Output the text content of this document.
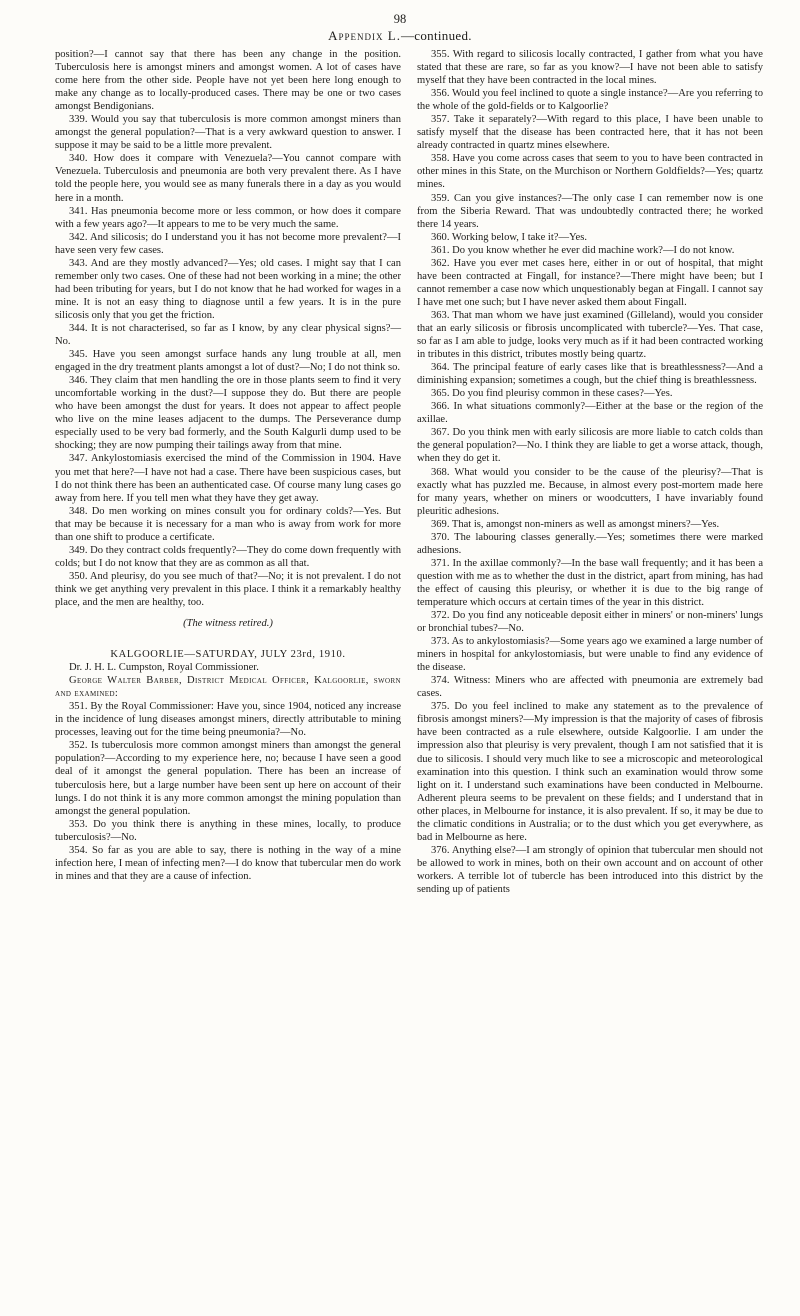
98
Appendix L.—continued.

position?—I cannot say that there has been any change in the position. Tuberculosis here is amongst miners and amongst women. A lot of cases have come here from the other side. People have not yet been here long enough to make any change as to locally-produced cases. There may be one or two cases amongst Bendigonians.

339. Would you say that tuberculosis is more common amongst miners than amongst the general population?—That is a very awkward question to answer. I suppose it may be said to be a little more prevalent.

340. How does it compare with Venezuela?—You cannot compare with Venezuela. Tuberculosis and pneumonia are both very prevalent there. As I have told the people here, you would see as many funerals there in a day as you would here in a month.

341. Has pneumonia become more or less common, or how does it compare with a few years ago?—It appears to me to be very much the same.

342. And silicosis; do I understand you it has not become more prevalent?—I have seen very few cases.

343. And are they mostly advanced?—Yes; old cases. I might say that I can remember only two cases. One of these had not been working in a mine; the other had been tributing for years, but I do not know that he had worked for wages in a mine. It is not an easy thing to diagnose until a few years. It is in the pure silicosis only that you get the friction.

344. It is not characterised, so far as I know, by any clear physical signs?—No.

345. Have you seen amongst surface hands any lung trouble at all, men engaged in the dry treatment plants amongst a lot of dust?—No; I do not think so.

346. They claim that men handling the ore in those plants seem to find it very uncomfortable working in the dust?—I suppose they do. But there are people who have been amongst the dust for years. It does not appear to affect people who live on the mine leases adjacent to the dumps. The Perseverance dump especially used to be very bad formerly, and the South Kalgurli dump used to be shocking; they are now pumping their tailings away from that mine.

347. Ankylostomiasis exercised the mind of the Commission in 1904. Have you met that here?—I have not had a case. There have been suspicious cases, but I do not think there has been an authenticated case. Of course many lung cases go away from here. If you tell men what they have they get away.

348. Do men working on mines consult you for ordinary colds?—Yes. But that may be because it is necessary for a man who is away from work for more than one shift to produce a certificate.

349. Do they contract colds frequently?—They do come down frequently with colds; but I do not know that they are as common as all that.

350. And pleurisy, do you see much of that?—No; it is not prevalent. I do not think we get anything very prevalent in this place. I think it a remarkably healthy place, and the men are healthy, too.

(The witness retired.)

KALGOORLIE—SATURDAY, JULY 23rd, 1910.

Dr. J. H. L. Cumpston, Royal Commissioner.

George Walter Barber, District Medical Officer, Kalgoorlie, sworn and examined:

351. By the Royal Commissioner: Have you, since 1904, noticed any increase in the incidence of lung diseases amongst miners, directly attributable to mining processes, leaving out for the time being pneumonia?—No.

352. Is tuberculosis more common amongst miners than amongst the general population?—According to my experience here, no; because I have seen a good deal of it amongst the general population. There has been an increase of tuberculosis here, but a large number have been sent up here on account of their lungs. I do not think it is any more common amongst the mining population than amongst the general population.

353. Do you think there is anything in these mines, locally, to produce tuberculosis?—No.

354. So far as you are able to say, there is nothing in the way of a mine infection here, I mean of infecting men?—I do know that tubercular men do work in mines and that they are a cause of infection.

355. With regard to silicosis locally contracted, I gather from what you have stated that these are rare, so far as you know?—I have not been able to satisfy myself that they have been contracted in the local mines.

356. Would you feel inclined to quote a single instance?—Are you referring to the whole of the gold-fields or to Kalgoorlie?

357. Take it separately?—With regard to this place, I have been unable to satisfy myself that the disease has been contracted here, that it has not been already contracted in quartz mines elsewhere.

358. Have you come across cases that seem to you to have been contracted in other mines in this State, on the Murchison or Northern Goldfields?—Yes; quartz mines.

359. Can you give instances?—The only case I can remember now is one from the Siberia Reward. That was undoubtedly contracted there; he worked there 14 years.

360. Working below, I take it?—Yes.

361. Do you know whether he ever did machine work?—I do not know.

362. Have you ever met cases here, either in or out of hospital, that might have been contracted at Fingall, for instance?—There might have been; but I cannot remember a case now which unquestionably began at Fingall. I cannot say I have met one such; but I have never asked them about Fingall.

363. That man whom we have just examined (Gilleland), would you consider that an early silicosis or fibrosis uncomplicated with tubercle?—Yes. That case, so far as I am able to judge, looks very much as if it had been contracted working in tributes in this district, tributes mostly being quartz.

364. The principal feature of early cases like that is breathlessness?—And a diminishing expansion; sometimes a cough, but the chief thing is breathlessness.

365. Do you find pleurisy common in these cases?—Yes.

366. In what situations commonly?—Either at the base or the region of the axillae.

367. Do you think men with early silicosis are more liable to catch colds than the general population?—No. I think they are liable to get a worse attack, though, when they do get it.

368. What would you consider to be the cause of the pleurisy?—That is exactly what has puzzled me. Because, in almost every post-mortem made here for many years, whether on miners or woodcutters, I have invariably found pleuritic adhesions.

369. That is, amongst non-miners as well as amongst miners?—Yes.

370. The labouring classes generally.—Yes; sometimes there were marked adhesions.

371. In the axillae commonly?—In the base wall frequently; and it has been a question with me as to whether the dust in the district, apart from mining, has had the effect of causing this pleurisy, or whether it is due to the big range of temperature which occurs at certain times of the year in this district.

372. Do you find any noticeable deposit either in miners' or non-miners' lungs or bronchial tubes?—No.

373. As to ankylostomiasis?—Some years ago we examined a large number of miners in hospital for ankylostomiasis, but were unable to find any evidence of the disease.

374. Witness: Miners who are affected with pneumonia are extremely bad cases.

375. Do you feel inclined to make any statement as to the prevalence of fibrosis amongst miners?—My impression is that the majority of cases of fibrosis have been contracted as a rule elsewhere, outside Kalgoorlie. I am under the impression also that pleurisy is very prevalent, though I am not satisfied that it is due to silicosis. I should very much like to see a microscopic and meteorological examination into this question. I think such an examination would throw some light on it. I understand such examinations have been conducted in Melbourne. Adherent pleura seems to be prevalent on these fields; and I understand that in other places, in Melbourne for instance, it is also prevalent. If so, it may be due to the climatic conditions in Australia; or to the dust which you get everywhere, as bad in Melbourne as here.

376. Anything else?—I am strongly of opinion that tubercular men should not be allowed to work in mines, both on their own account and on account of other workers. A terrible lot of tubercle has been introduced into this district by the sending up of patients
